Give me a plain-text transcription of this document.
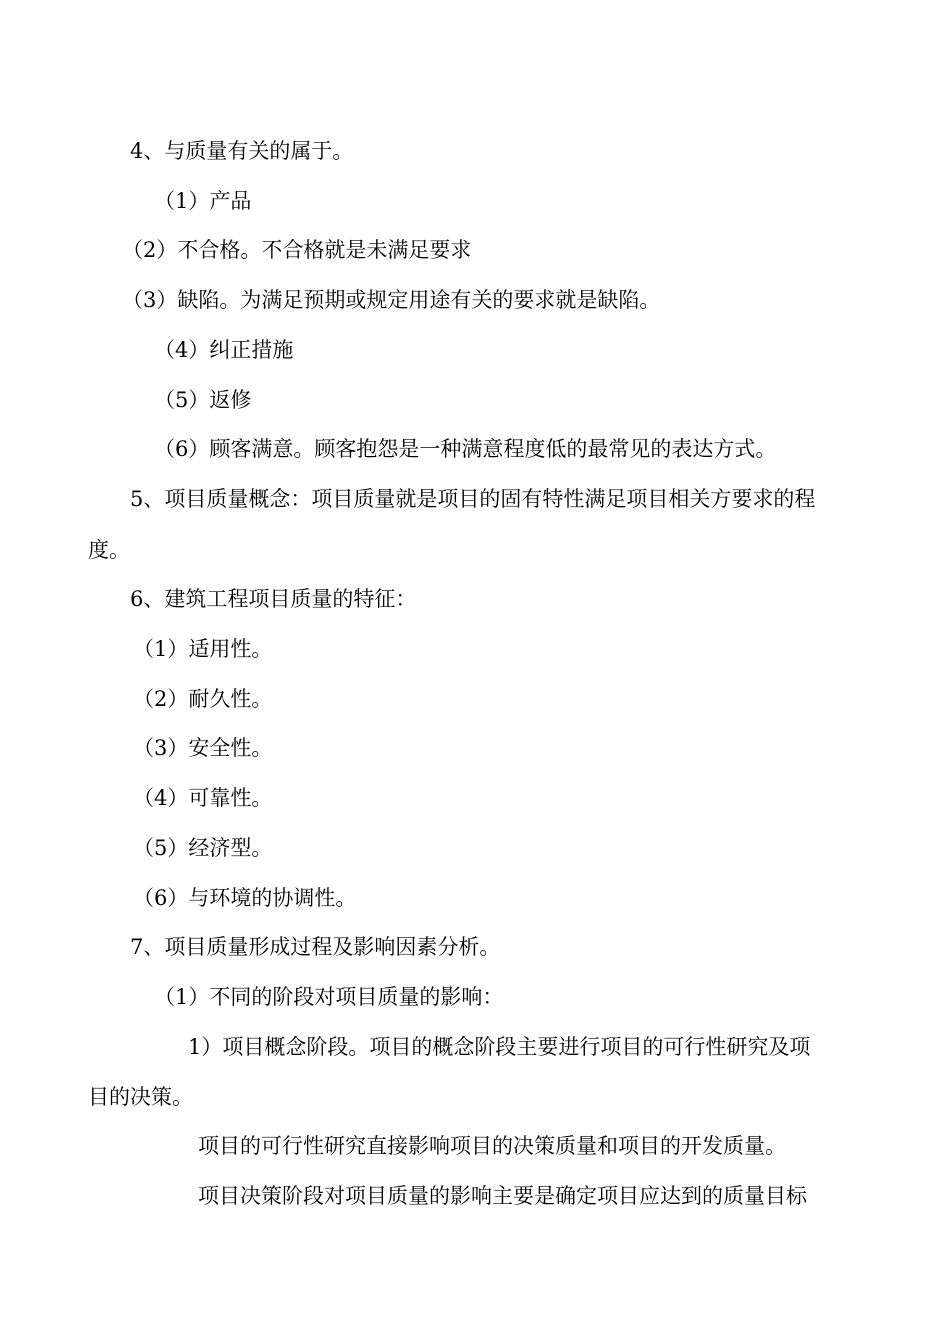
4、与质量有关的属于。
（1）产品
（2）不合格。不合格就是未满足要求
（3）缺陷。为满足预期或规定用途有关的要求就是缺陷。
（4）纠正措施
（5）返修
（6）顾客满意。顾客抱怨是一种满意程度低的最常见的表达方式。
5、项目质量概念：项目质量就是项目的固有特性满足项目相关方要求的程
度。
6、建筑工程项目质量的特征：
（1）适用性。
（2）耐久性。
（3）安全性。
（4）可靠性。
（5）经济型。
（6）与环境的协调性。
7、项目质量形成过程及影响因素分析。
（1）不同的阶段对项目质量的影响：
1）项目概念阶段。项目的概念阶段主要进行项目的可行性研究及项
目的决策。
项目的可行性研究直接影响项目的决策质量和项目的开发质量。
项目决策阶段对项目质量的影响主要是确定项目应达到的质量目标
